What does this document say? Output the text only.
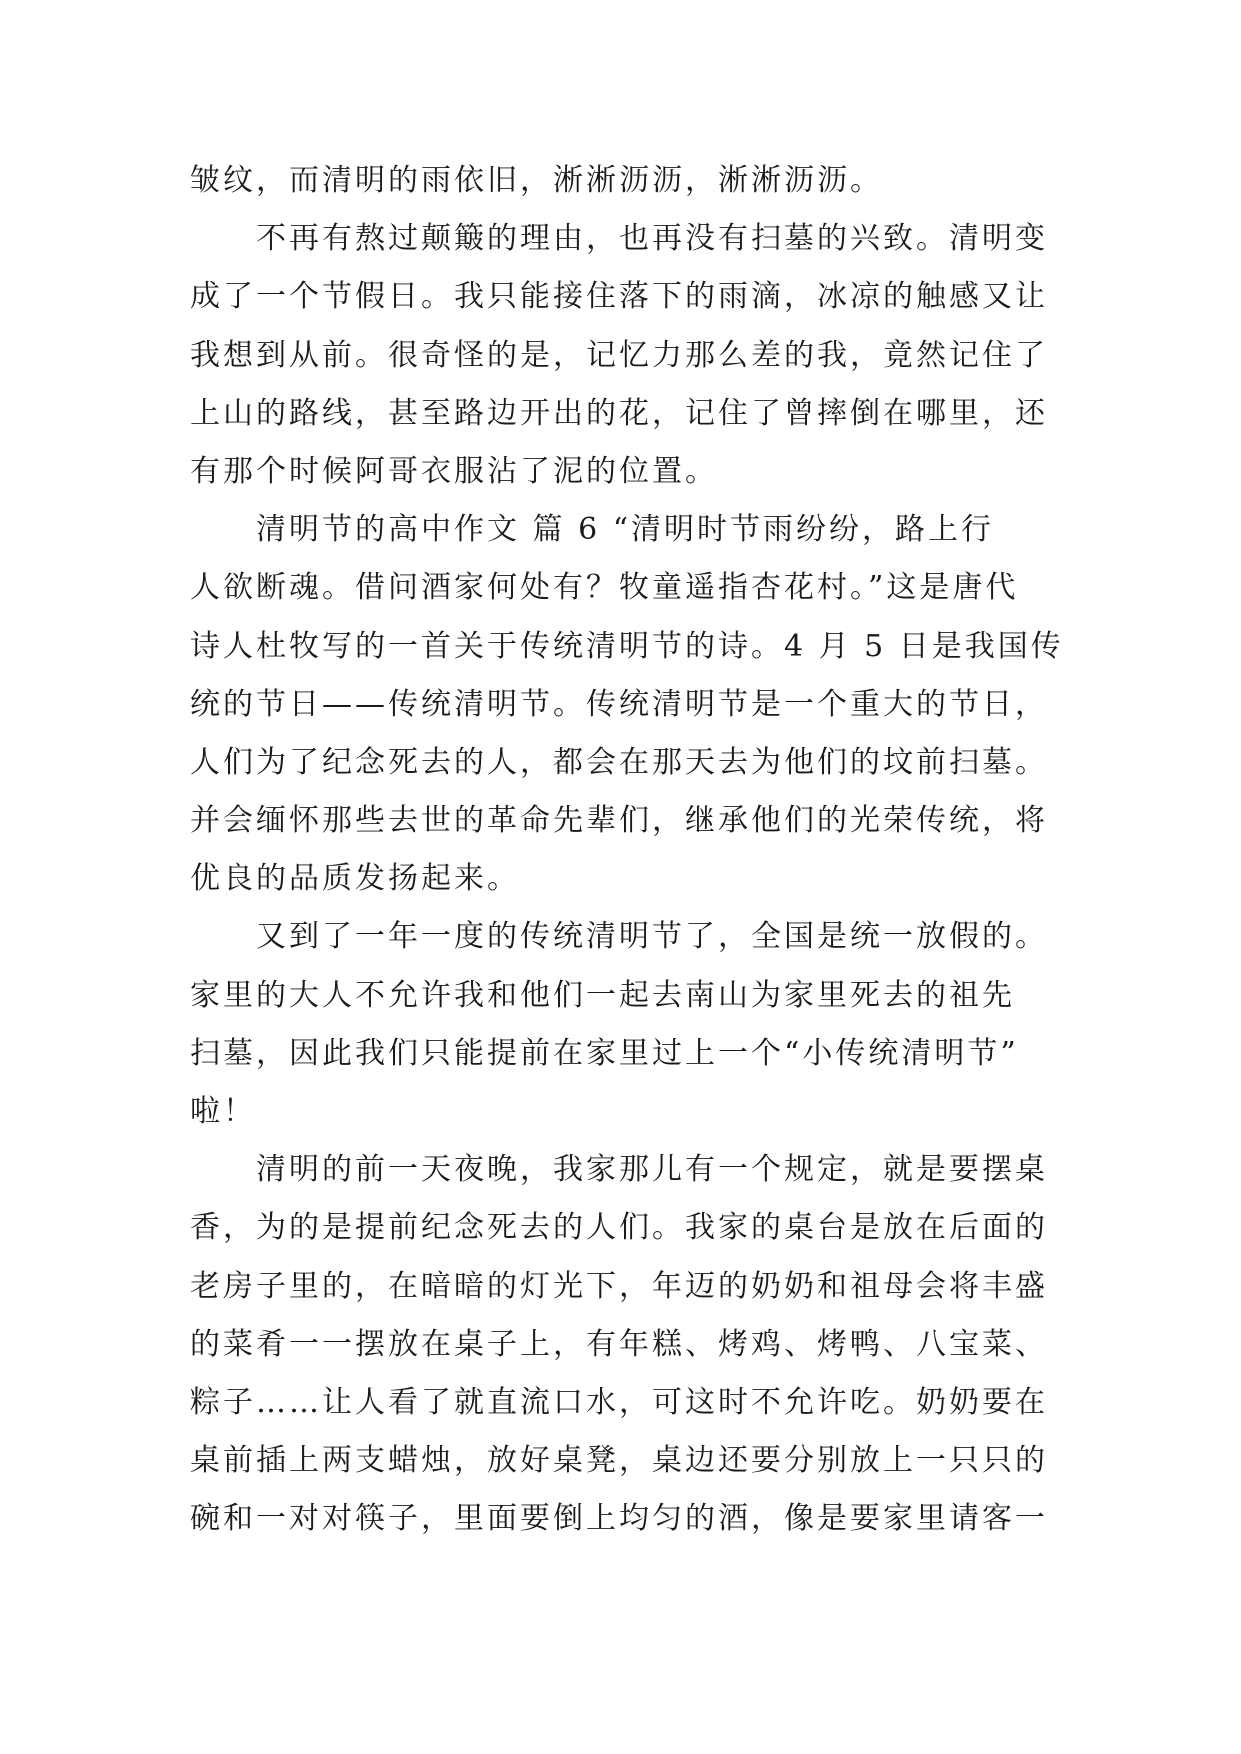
皱纹，而清明的雨依旧，淅淅沥沥，淅淅沥沥。
不再有熬过颠簸的理由，也再没有扫墓的兴致。清明变
成了一个节假日。我只能接住落下的雨滴，冰凉的触感又让
我想到从前。很奇怪的是，记忆力那么差的我，竟然记住了
上山的路线，甚至路边开出的花，记住了曾摔倒在哪里，还
有那个时候阿哥衣服沾了泥的位置。
清明节的高中作文 篇 6 “清明时节雨纷纷，路上行
人欲断魂。借问酒家何处有？牧童遥指杏花村。”这是唐代
诗人杜牧写的一首关于传统清明节的诗。4 月 5 日是我国传
统的节日——传统清明节。传统清明节是一个重大的节日，
人们为了纪念死去的人，都会在那天去为他们的坟前扫墓。
并会缅怀那些去世的革命先辈们，继承他们的光荣传统，将
优良的品质发扬起来。
又到了一年一度的传统清明节了，全国是统一放假的。
家里的大人不允许我和他们一起去南山为家里死去的祖先
扫墓，因此我们只能提前在家里过上一个“小传统清明节”
啦！
清明的前一天夜晚，我家那儿有一个规定，就是要摆桌
香，为的是提前纪念死去的人们。我家的桌台是放在后面的
老房子里的，在暗暗的灯光下，年迈的奶奶和祖母会将丰盛
的菜肴一一摆放在桌子上，有年糕、烤鸡、烤鸭、八宝菜、
粽子……让人看了就直流口水，可这时不允许吃。奶奶要在
桌前插上两支蜡烛，放好桌凳，桌边还要分别放上一只只的
碗和一对对筷子，里面要倒上均匀的酒，像是要家里请客一
